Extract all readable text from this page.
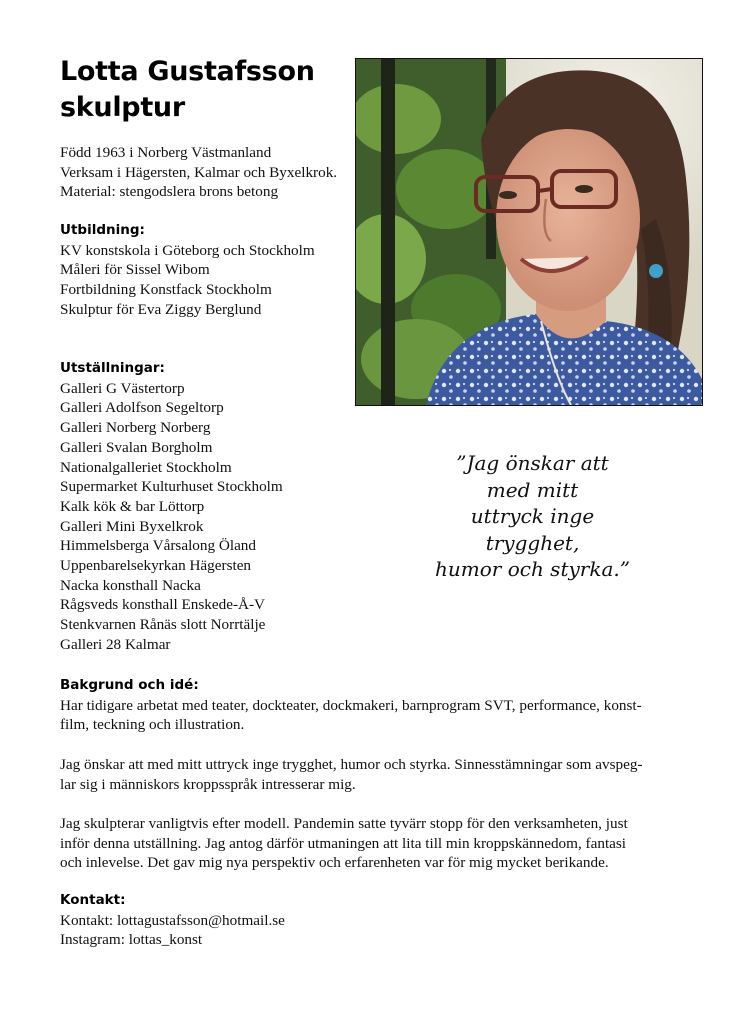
Lotta Gustafsson
skulptur
Född 1963 i Norberg Västmanland
Verksam i Hägersten, Kalmar och Byxelkrok.
Material: stengodslera brons betong
Utbildning:
KV konstskola i Göteborg och Stockholm
Måleri för Sissel Wibom
Fortbildning Konstfack Stockholm
Skulptur för Eva Ziggy Berglund
Utställningar:
Galleri G Västertorp
Galleri Adolfson Segeltorp
Galleri Norberg Norberg
Galleri Svalan Borgholm
Nationalgalleriet Stockholm
Supermarket Kulturhuset Stockholm
Kalk kök & bar Löttorp
Galleri Mini Byxelkrok
Himmelsberga Vårsalong Öland
Uppenbarelsekyrkan Hägersten
Nacka konsthall Nacka
Rågsveds konsthall Enskede-Å-V
Stenkvarnen Rånäs slott Norrtälje
Galleri 28 Kalmar
”Jag önskar att
med mitt
uttryck inge
trygghet,
humor och styrka.”
Bakgrund och idé:
Har tidigare arbetat med teater, dockteater, dockmakeri, barnprogram SVT, performance, konst-
film, teckning och illustration.
Jag önskar att med mitt uttryck inge trygghet, humor och styrka. Sinnesstämningar som avspeg-
lar sig i människors kroppsspråk intresserar mig.
Jag skulpterar vanligtvis efter modell. Pandemin satte tyvärr stopp för den verksamheten, just
inför denna utställning. Jag antog därför utmaningen att lita till min kroppskännedom, fantasi
och inlevelse. Det gav mig nya perspektiv och erfarenheten var för mig mycket berikande.
Kontakt:
Kontakt: lottagustafsson@hotmail.se
Instagram: lottas_konst
